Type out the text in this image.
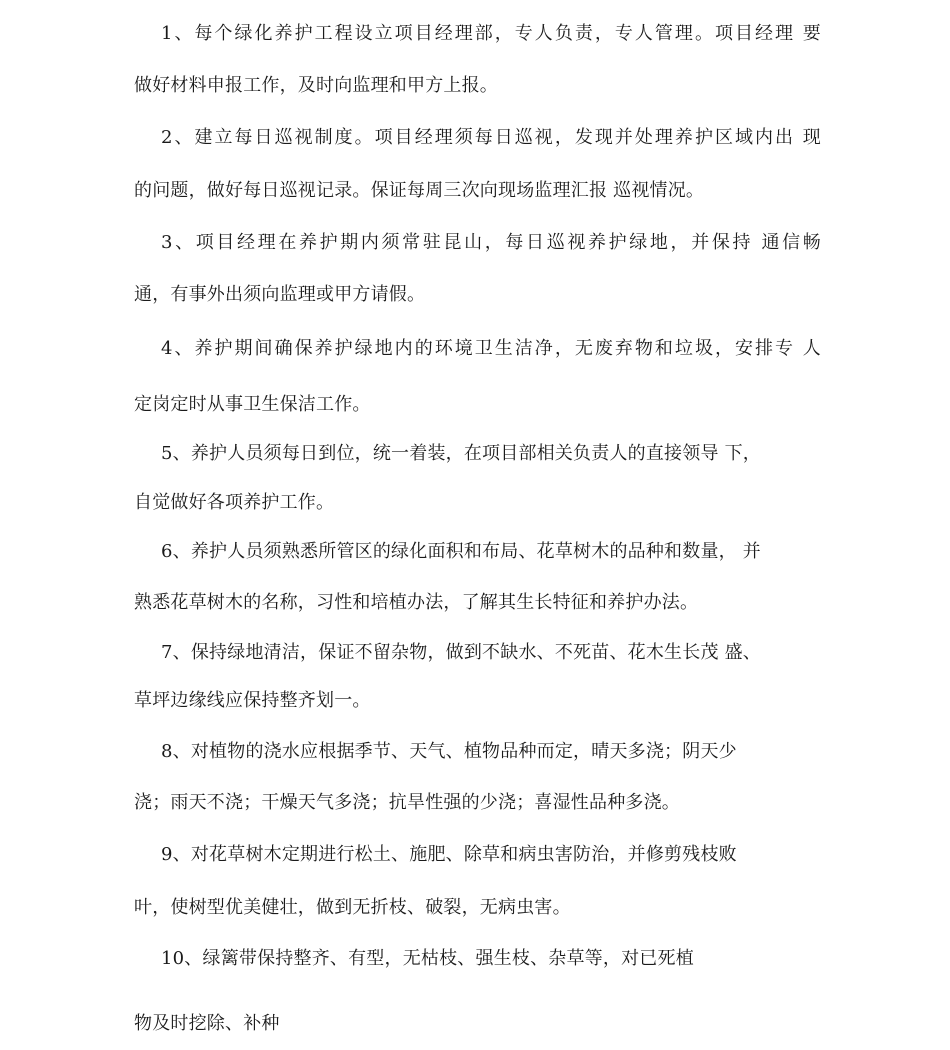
1、每个绿化养护工程设立项目经理部，专人负责，专人管理。项目经理 要
做好材料申报工作，及时向监理和甲方上报。
2、建立每日巡视制度。项目经理须每日巡视，发现并处理养护区域内出 现
的问题，做好每日巡视记录。保证每周三次向现场监理汇报 巡视情况。
3、项目经理在养护期内须常驻昆山，每日巡视养护绿地，并保持 通信畅
通，有事外出须向监理或甲方请假。
4、养护期间确保养护绿地内的环境卫生洁净，无废弃物和垃圾，安排专 人
定岗定时从事卫生保洁工作。
5、养护人员须每日到位，统一着装，在项目部相关负责人的直接领导 下，
自觉做好各项养护工作。
6、养护人员须熟悉所管区的绿化面积和布局、花草树木的品种和数量， 并
熟悉花草树木的名称，习性和培植办法，了解其生长特征和养护办法。
7、保持绿地清洁，保证不留杂物，做到不缺水、不死苗、花木生长茂 盛、
草坪边缘线应保持整齐划一。
8、对植物的浇水应根据季节、天气、植物品种而定，晴天多浇；阴天少
浇；雨天不浇；干燥天气多浇；抗旱性强的少浇；喜湿性品种多浇。
9、对花草树木定期进行松土、施肥、除草和病虫害防治，并修剪残枝败
叶，使树型优美健壮，做到无折枝、破裂，无病虫害。
10、绿篱带保持整齐、有型，无枯枝、强生枝、杂草等，对已死植
物及时挖除、补种
